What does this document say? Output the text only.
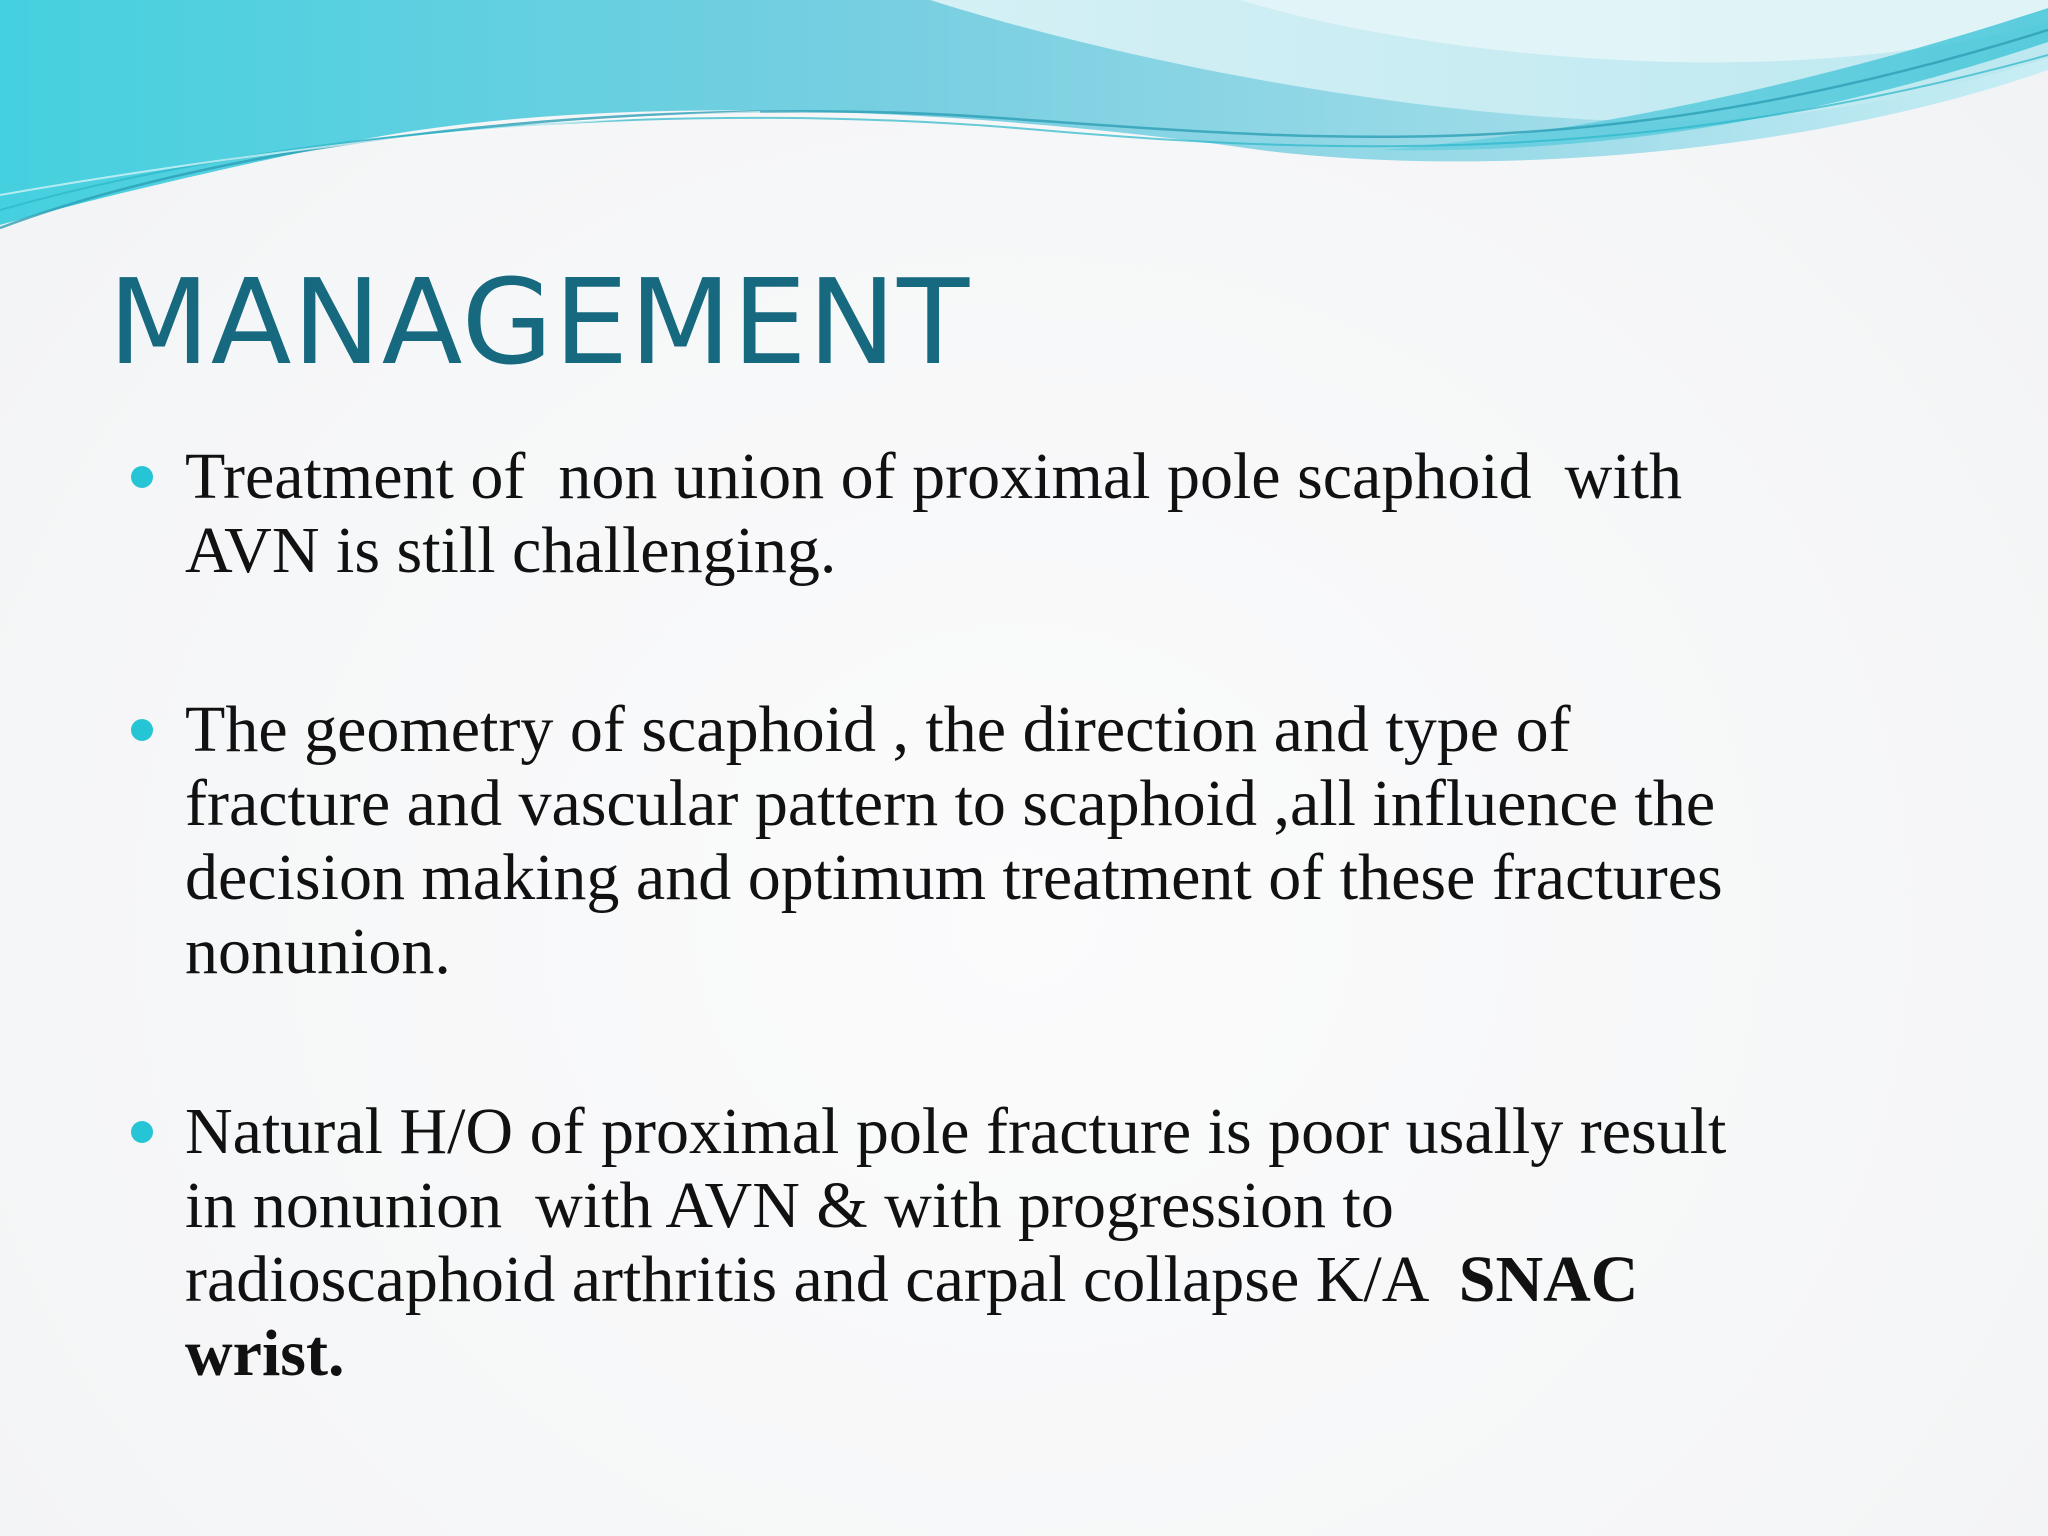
MANAGEMENT
Treatment of  non union of proximal pole scaphoid  with
AVN is still challenging.
The geometry of scaphoid , the direction and type of
fracture and vascular pattern to scaphoid ,all influence the
decision making and optimum treatment of these fractures
nonunion.
Natural H/O of proximal pole fracture is poor usally result
in nonunion  with AVN & with progression to
radioscaphoid arthritis and carpal collapse K/A  SNAC
wrist.
